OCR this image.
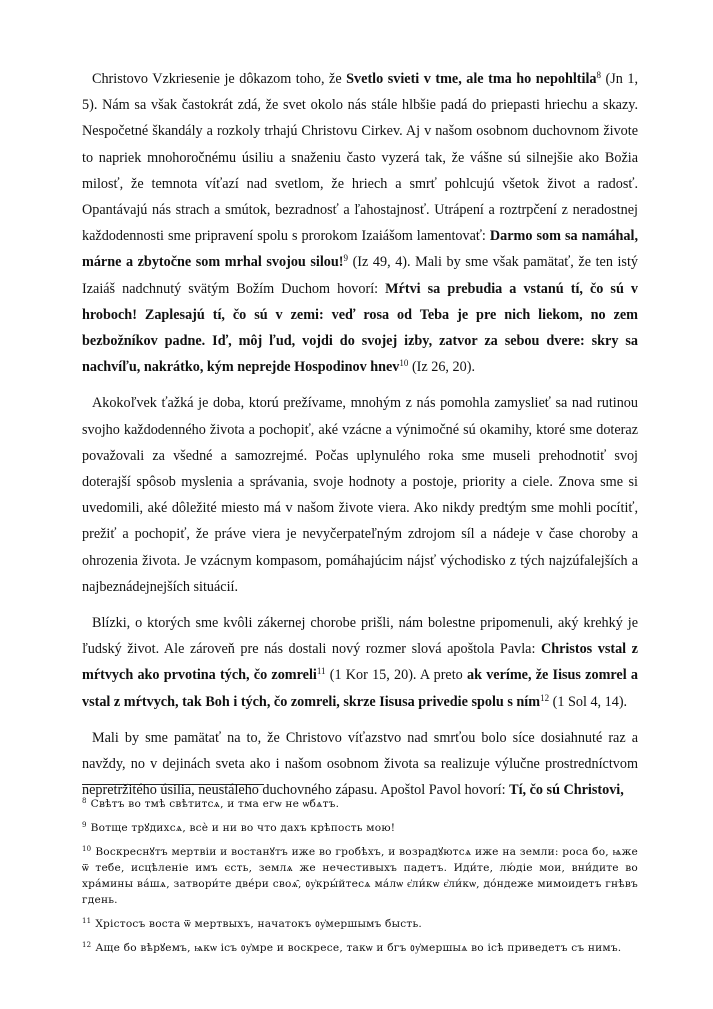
Christovo Vzkriesenie je dôkazom toho, že Svetlo svieti v tme, ale tma ho nepohltila$^8$ (Jn 1, 5). Nám sa však častokrát zdá, že svet okolo nás stále hlbšie padá do priepasti hriechu a skazy. Nespočetné škandály a rozkoly trhajú Christovu Cirkev. Aj v našom osobnom duchovnom živote to napriek mnohoročnému úsiliu a snaženiu často vyzerá tak, že vášne sú silnejšie ako Božia milosť, že temnota víťazí nad svetlom, že hriech a smrť pohlcujú všetok život a radosť. Opantávajú nás strach a smútok, bezradnosť a ľahostajnosť. Utrápení a roztrpčení z neradostnej každodennosti sme pripravení spolu s prorokom Izaiášom lamentovať: Darmo som sa namáhal, márne a zbytočne som mrhal svojou silou!$^9$ (Iz 49, 4). Mali by sme však pamätať, že ten istý Izaiáš nadchnutý svätým Božím Duchom hovorí: Mŕtvi sa prebudia a vstanú tí, čo sú v hroboch! Zaplesajú tí, čo sú v zemi: veď rosa od Teba je pre nich liekom, no zem bezbožníkov padne. Iď, môj ľud, vojdi do svojej izby, zatvor za sebou dvere: skry sa nachvíľu, nakrátko, kým neprejde Hospodinov hnev$^{10}$ (Iz 26, 20).

Akokoľvek ťažká je doba, ktorú prežívame, mnohým z nás pomohla zamyslieť sa nad rutinou svojho každodenného života a pochopiť, aké vzácne a výnimočné sú okamihy, ktoré sme doteraz považovali za všedné a samozrejmé. Počas uplynulého roka sme museli prehodnotiť svoj doterajší spôsob myslenia a správania, svoje hodnoty a postoje, priority a ciele. Znova sme si uvedomili, aké dôležité miesto má v našom živote viera. Ako nikdy predtým sme mohli pocítiť, prežiť a pochopiť, že práve viera je nevyčerpateľným zdrojom síl a nádeje v čase choroby a ohrozenia života. Je vzácnym kompasom, pomáhajúcim nájsť východisko z tých najzúfalejších a najbeznádejnejších situácií.

Blízki, o ktorých sme kvôli zákernej chorobe prišli, nám bolestne pripomenuli, aký krehký je ľudský život. Ale zároveň pre nás dostali nový rozmer slová apoštola Pavla: Christos vstal z mŕtvych ako prvotina tých, čo zomreli$^{11}$ (1 Kor 15, 20). A preto ak veríme, že Iisus zomrel a vstal z mŕtvych, tak Boh i tých, čo zomreli, skrze Iisusa privedie spolu s ním$^{12}$ (1 Sol 4, 14).

Mali by sme pamätať na to, že Christovo víťazstvo nad smrťou bolo síce dosiahnuté raz a navždy, no v dejinách sveta ako i našom osobnom života sa realizuje výlučne prostredníctvom nepretržitého úsilia, neustáleho duchovného zápasu. Apoštol Pavol hovorí: Tí, čo sú Christovi,

$^8$ Свѣтъ во тмѣ свѣтитсѧ, и тма егѡ не ѡбѧтъ.
$^9$ Вотще трꙋдихсѧ, всѐ и ни во что дахъ крѣпость мою!
$^{10}$ Воскреснꙋтъ мертвіи и востанꙋтъ иже во гробѣхъ, и возрадꙋютсѧ иже на земли: роса бо, ѩже ѿ тебе, исцѣленіе имъ єсть, землѧ же нечестивыхъ падетъ. Иди́те, лю́діе мои, вни́дите во хрáмины вáшѧ, затвори́те двéри своѧ̑, ᲂу҆кры́йтесѧ мáлѡ є҆ли́кѡ є҆ли́кѡ, до́ндеже мимоидетъ гнѣвъ гдень.
$^{11}$ Хрістосъ воста ѿ мертвыхъ, начатокъ ᲂу҆мершымъ бысть.
$^{12}$ Аще бо вѣрꙋемъ, ѩкѡ ісъ ᲂу҆мре и воскресе, такѡ и бгъ ᲂу҆мершыѧ во ісѣ приведетъ съ нимъ.
